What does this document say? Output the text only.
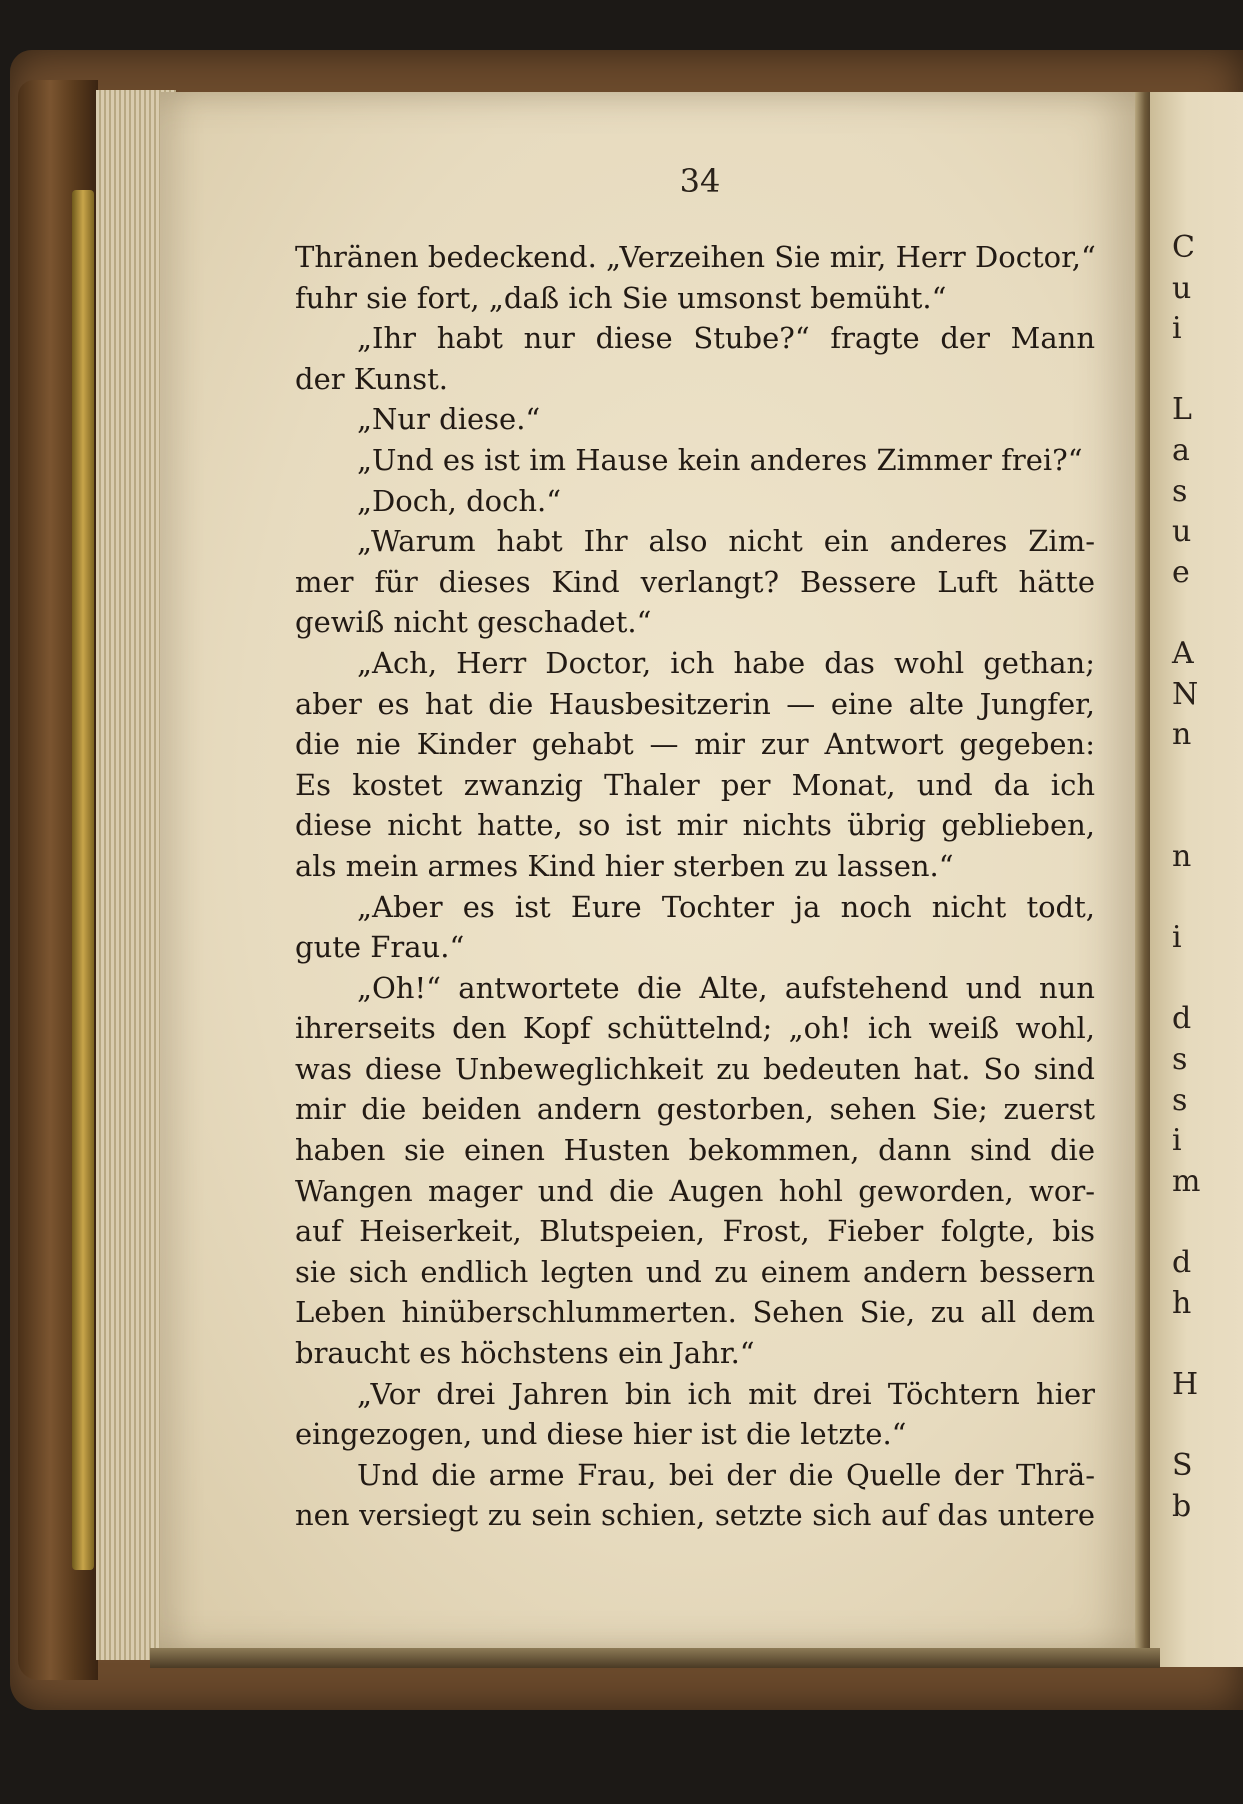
34
Thränen bedeckend. „Verzeihen Sie mir, Herr Doctor,“
fuhr sie fort, „daß ich Sie umsonst bemüht.“
„Ihr habt nur diese Stube?“ fragte der Mann
der Kunst.
„Nur diese.“
„Und es ist im Hause kein anderes Zimmer frei?“
„Doch, doch.“
„Warum habt Ihr also nicht ein anderes Zim-
mer für dieses Kind verlangt? Bessere Luft hätte
gewiß nicht geschadet.“
„Ach, Herr Doctor, ich habe das wohl gethan;
aber es hat die Hausbesitzerin — eine alte Jungfer,
die nie Kinder gehabt — mir zur Antwort gegeben:
Es kostet zwanzig Thaler per Monat, und da ich
diese nicht hatte, so ist mir nichts übrig geblieben,
als mein armes Kind hier sterben zu lassen.“
„Aber es ist Eure Tochter ja noch nicht todt,
gute Frau.“
„Oh!“ antwortete die Alte, aufstehend und nun
ihrerseits den Kopf schüttelnd; „oh! ich weiß wohl,
was diese Unbeweglichkeit zu bedeuten hat. So sind
mir die beiden andern gestorben, sehen Sie; zuerst
haben sie einen Husten bekommen, dann sind die
Wangen mager und die Augen hohl geworden, wor-
auf Heiserkeit, Blutspeien, Frost, Fieber folgte, bis
sie sich endlich legten und zu einem andern bessern
Leben hinüberschlummerten. Sehen Sie, zu all dem
braucht es höchstens ein Jahr.“
„Vor drei Jahren bin ich mit drei Töchtern hier
eingezogen, und diese hier ist die letzte.“
Und die arme Frau, bei der die Quelle der Thrä-
nen versiegt zu sein schien, setzte sich auf das untere
C
u
i
L
a
s
u
e
A
N
n
n
i
d
s
s
i
m
d
h
H
S
b
